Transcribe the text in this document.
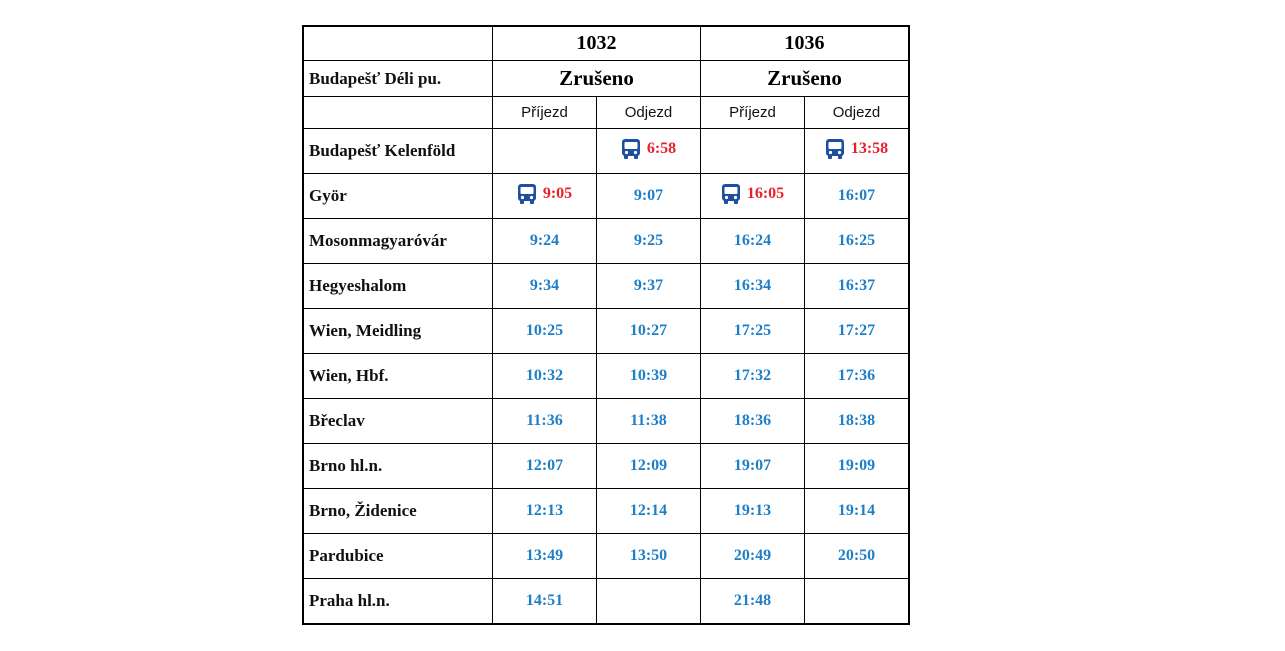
	1032		1036	
Budapešť Déli pu.	Zrušeno		Zrušeno	
	Příjezd	Odjezd	Příjezd	Odjezd
Budapešť Kelenföld		6:58		13:58

Györ	9:05	9:07	16:05	16:07
Mosonmagyaróvár	9:24	9:25	16:24	16:25
Hegyeshalom	9:34	9:37	16:34	16:37
Wien, Meidling	10:25	10:27	17:25	17:27
Wien, Hbf.	10:32	10:39	17:32	17:36
Břeclav	11:36	11:38	18:36	18:38
Brno hl.n.	12:07	12:09	19:07	19:09
Brno, Židenice	12:13	12:14	19:13	19:14
Pardubice	13:49	13:50	20:49	20:50
Praha hl.n.	14:51		21:48	
